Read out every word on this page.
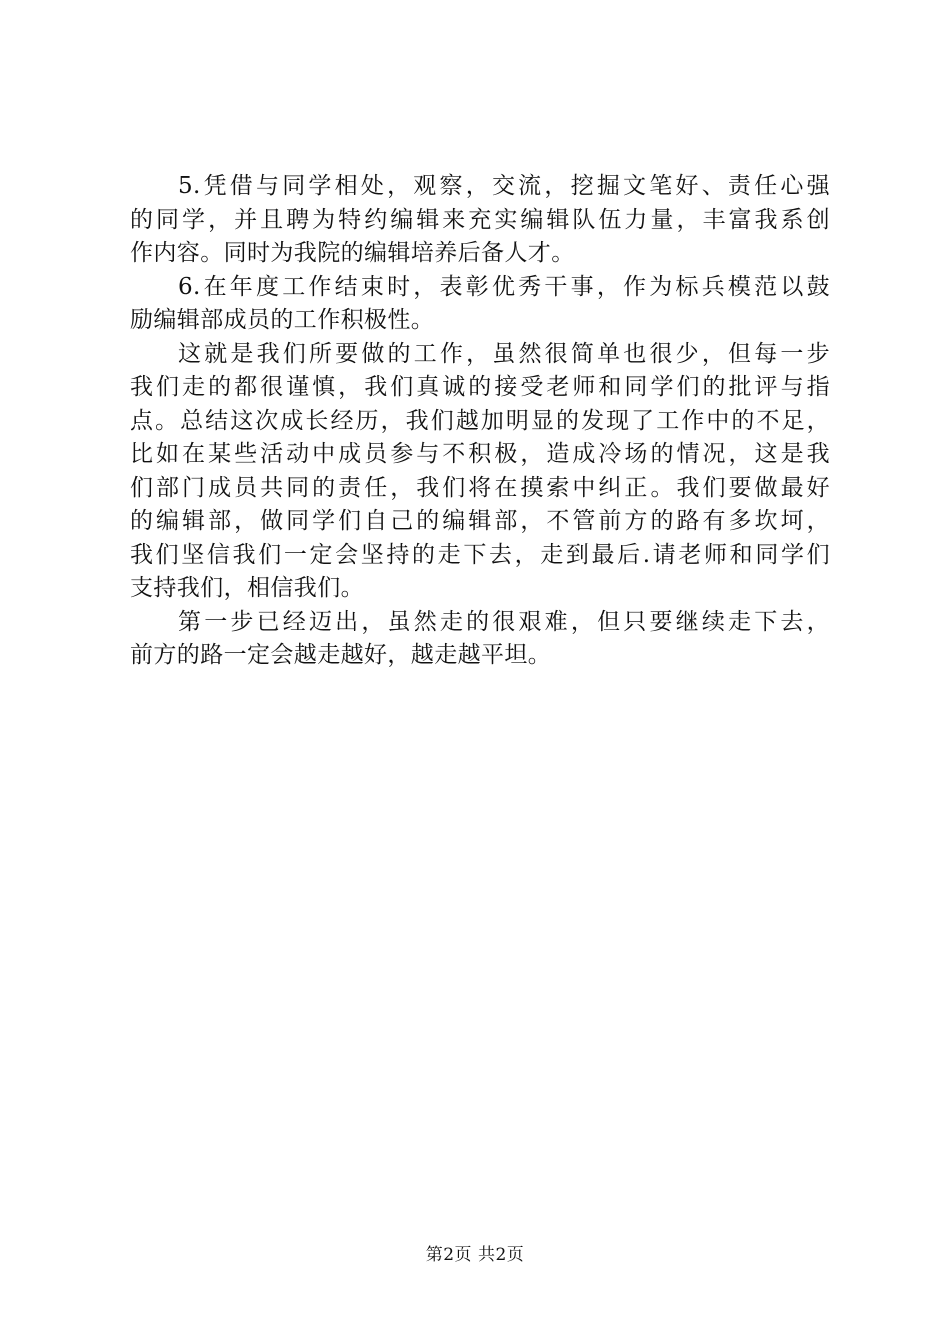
5.凭借与同学相处，观察，交流，挖掘文笔好、责任心强
的同学，并且聘为特约编辑来充实编辑队伍力量，丰富我系创
作内容。同时为我院的编辑培养后备人才。
6.在年度工作结束时，表彰优秀干事，作为标兵模范以鼓
励编辑部成员的工作积极性。
这就是我们所要做的工作，虽然很简单也很少，但每一步
我们走的都很谨慎，我们真诚的接受老师和同学们的批评与指
点。总结这次成长经历，我们越加明显的发现了工作中的不足，
比如在某些活动中成员参与不积极，造成冷场的情况，这是我
们部门成员共同的责任，我们将在摸索中纠正。我们要做最好
的编辑部，做同学们自己的编辑部，不管前方的路有多坎坷，
我们坚信我们一定会坚持的走下去，走到最后.请老师和同学们
支持我们，相信我们。
第一步已经迈出，虽然走的很艰难，但只要继续走下去，
前方的路一定会越走越好，越走越平坦。
第2页 共2页
